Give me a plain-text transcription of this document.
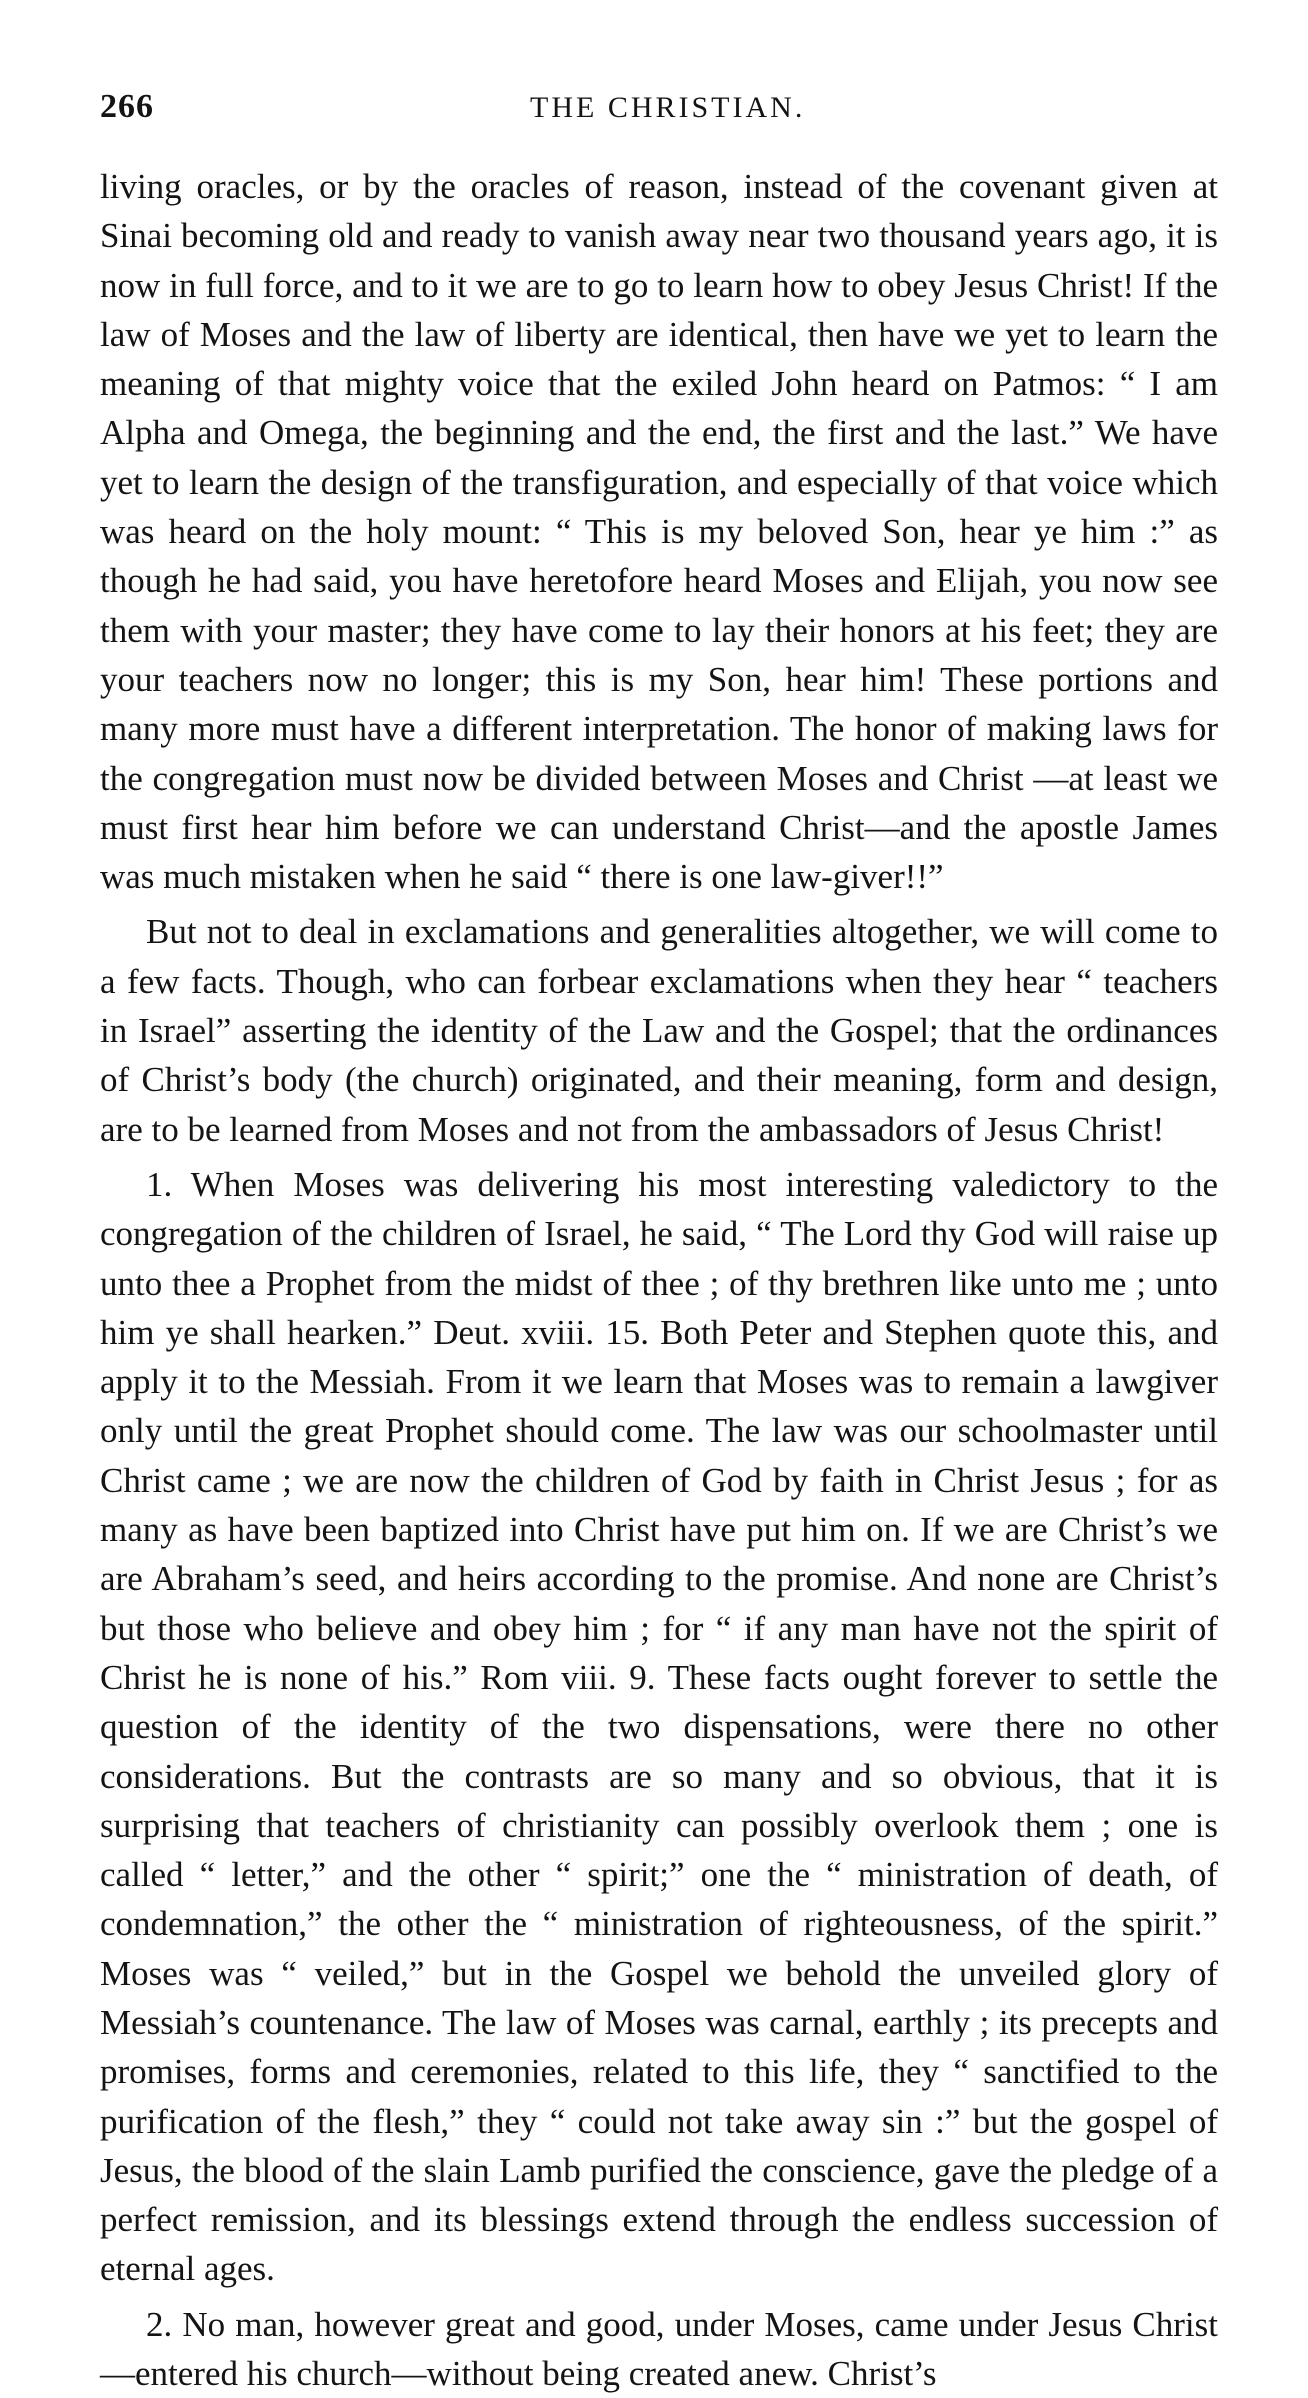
266	THE CHRISTIAN.

living oracles, or by the oracles of reason, instead of the covenant given at Sinai becoming old and ready to vanish away near two thousand years ago, it is now in full force, and to it we are to go to learn how to obey Jesus Christ! If the law of Moses and the law of liberty are identical, then have we yet to learn the meaning of that mighty voice that the exiled John heard on Patmos: “ I am Alpha and Omega, the beginning and the end, the first and the last.” We have yet to learn the design of the transfiguration, and especially of that voice which was heard on the holy mount: “ This is my beloved Son, hear ye him :” as though he had said, you have heretofore heard Moses and Elijah, you now see them with your master; they have come to lay their honors at his feet; they are your teachers now no longer; this is my Son, hear him! These portions and many more must have a different interpretation. The honor of making laws for the congregation must now be divided between Moses and Christ —at least we must first hear him before we can understand Christ—and the apostle James was much mistaken when he said “ there is one law-giver!!”

But not to deal in exclamations and generalities altogether, we will come to a few facts. Though, who can forbear exclamations when they hear “ teachers in Israel” asserting the identity of the Law and the Gospel; that the ordinances of Christ’s body (the church) originated, and their meaning, form and design, are to be learned from Moses and not from the ambassadors of Jesus Christ!

1. When Moses was delivering his most interesting valedictory to the congregation of the children of Israel, he said, “ The Lord thy God will raise up unto thee a Prophet from the midst of thee ; of thy brethren like unto me ; unto him ye shall hearken.” Deut. xviii. 15. Both Peter and Stephen quote this, and apply it to the Messiah. From it we learn that Moses was to remain a lawgiver only until the great Prophet should come. The law was our schoolmaster until Christ came ; we are now the children of God by faith in Christ Jesus ; for as many as have been baptized into Christ have put him on. If we are Christ’s we are Abraham’s seed, and heirs according to the promise. And none are Christ’s but those who believe and obey him ; for “ if any man have not the spirit of Christ he is none of his.” Rom viii. 9. These facts ought forever to settle the question of the identity of the two dispensations, were there no other considerations. But the contrasts are so many and so obvious, that it is surprising that teachers of christianity can possibly overlook them ; one is called “ letter,” and the other “ spirit;” one the “ ministration of death, of condemnation,” the other the “ ministration of righteousness, of the spirit.” Moses was “ veiled,” but in the Gospel we behold the unveiled glory of Messiah’s countenance. The law of Moses was carnal, earthly ; its precepts and promises, forms and ceremonies, related to this life, they “ sanctified to the purification of the flesh,” they “ could not take away sin :” but the gospel of Jesus, the blood of the slain Lamb purified the conscience, gave the pledge of a perfect remission, and its blessings extend through the endless succession of eternal ages.

2. No man, however great and good, under Moses, came under Jesus Christ—entered his church—without being created anew. Christ’s
